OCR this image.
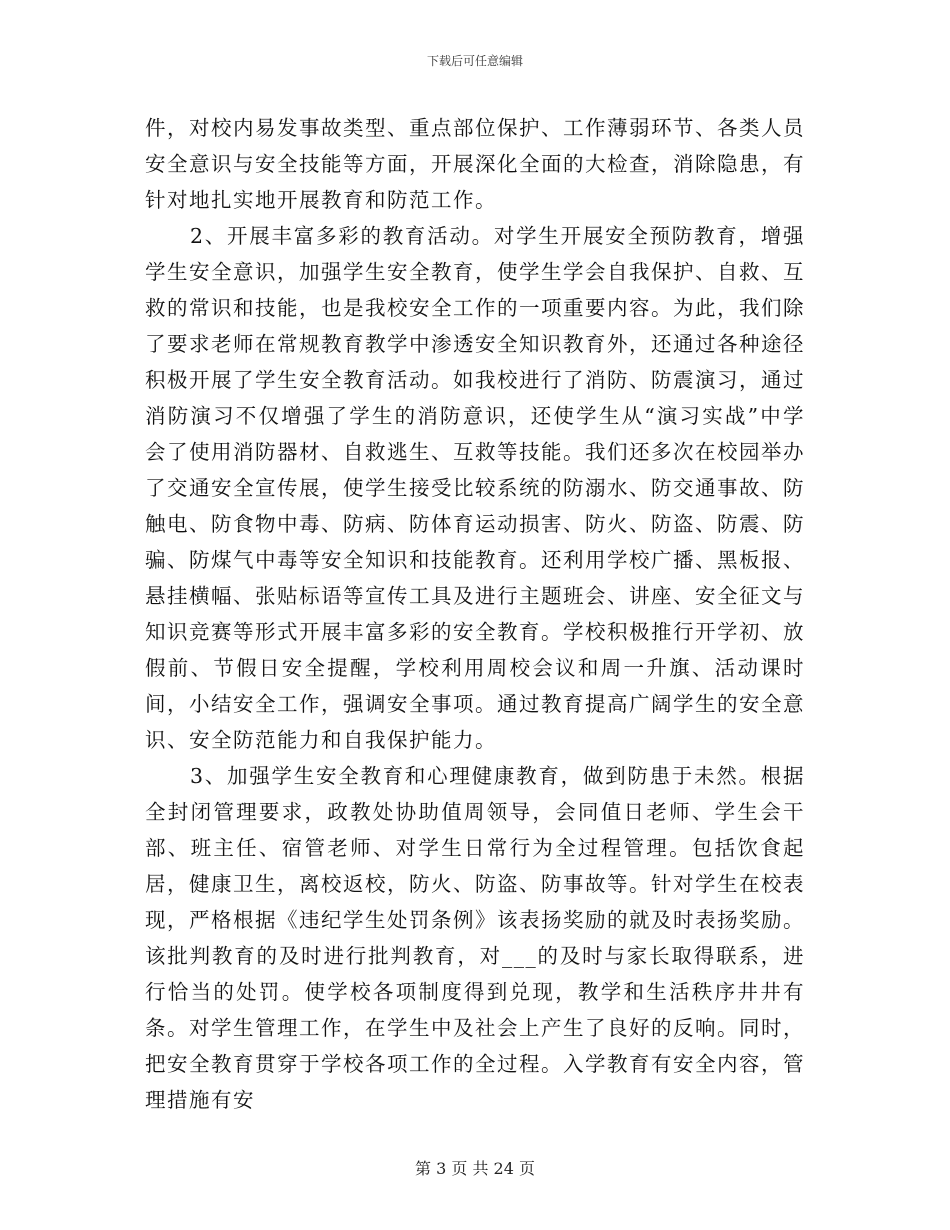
下载后可任意编辑

件，对校内易发事故类型、重点部位保护、工作薄弱环节、各类人员安全意识与安全技能等方面，开展深化全面的大检查，消除隐患，有针对地扎实地开展教育和防范工作。

2、开展丰富多彩的教育活动。对学生开展安全预防教育，增强学生安全意识，加强学生安全教育，使学生学会自我保护、自救、互救的常识和技能，也是我校安全工作的一项重要内容。为此，我们除了要求老师在常规教育教学中渗透安全知识教育外，还通过各种途径积极开展了学生安全教育活动。如我校进行了消防、防震演习，通过消防演习不仅增强了学生的消防意识，还使学生从“演习实战”中学会了使用消防器材、自救逃生、互救等技能。我们还多次在校园举办了交通安全宣传展，使学生接受比较系统的防溺水、防交通事故、防触电、防食物中毒、防病、防体育运动损害、防火、防盗、防震、防骗、防煤气中毒等安全知识和技能教育。还利用学校广播、黑板报、悬挂横幅、张贴标语等宣传工具及进行主题班会、讲座、安全征文与知识竞赛等形式开展丰富多彩的安全教育。学校积极推行开学初、放假前、节假日安全提醒，学校利用周校会议和周一升旗、活动课时间，小结安全工作，强调安全事项。通过教育提高广阔学生的安全意识、安全防范能力和自我保护能力。

3、加强学生安全教育和心理健康教育，做到防患于未然。根据全封闭管理要求，政教处协助值周领导，会同值日老师、学生会干部、班主任、宿管老师、对学生日常行为全过程管理。包括饮食起居，健康卫生，离校返校，防火、防盗、防事故等。针对学生在校表现，严格根据《违纪学生处罚条例》该表扬奖励的就及时表扬奖励。该批判教育的及时进行批判教育，对___的及时与家长取得联系，进行恰当的处罚。使学校各项制度得到兑现，教学和生活秩序井井有条。对学生管理工作，在学生中及社会上产生了良好的反响。同时，把安全教育贯穿于学校各项工作的全过程。入学教育有安全内容，管理措施有安

第 3 页 共 24 页
